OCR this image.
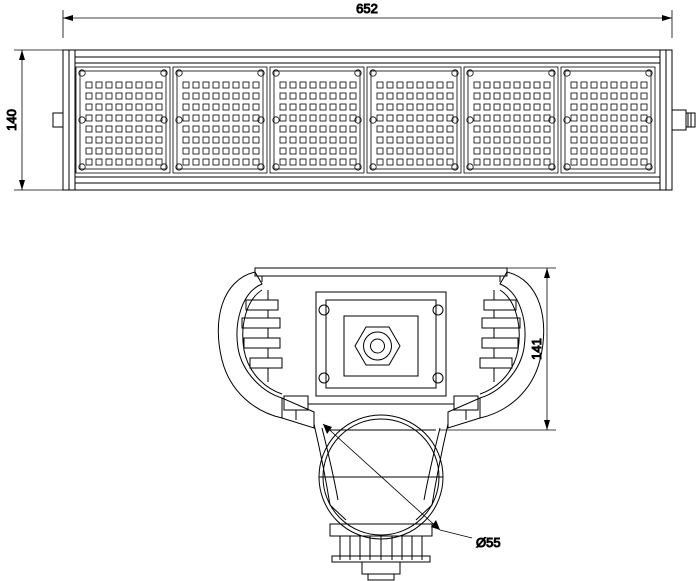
652
140
141
Ø55
